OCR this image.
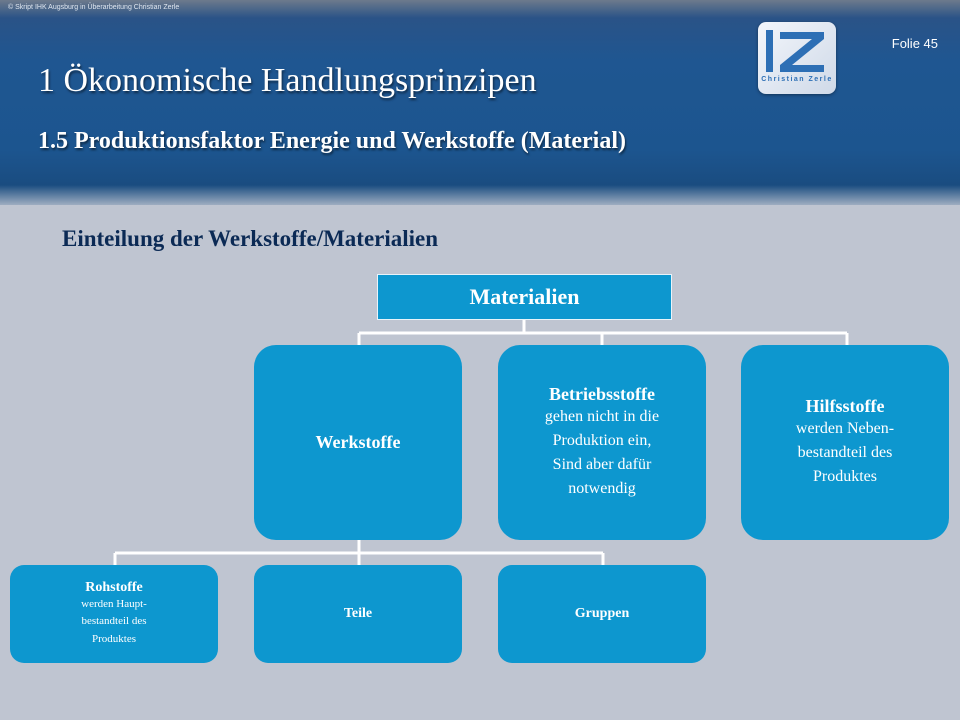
© Skript IHK Augsburg in Überarbeitung Christian Zerle
Christian Zerle
Folie 45
1 Ökonomische Handlungsprinzipen
1.5 Produktionsfaktor Energie und Werkstoffe (Material)
Einteilung der Werkstoffe/Materialien
Materialien
Werkstoffe
Betriebsstoffe
gehen nicht in die
Produktion ein,
Sind aber dafür
notwendig
Hilfsstoffe
werden Neben-
bestandteil des
Produktes
Rohstoffe
werden Haupt-
bestandteil des
Produktes
Teile	Gruppen
